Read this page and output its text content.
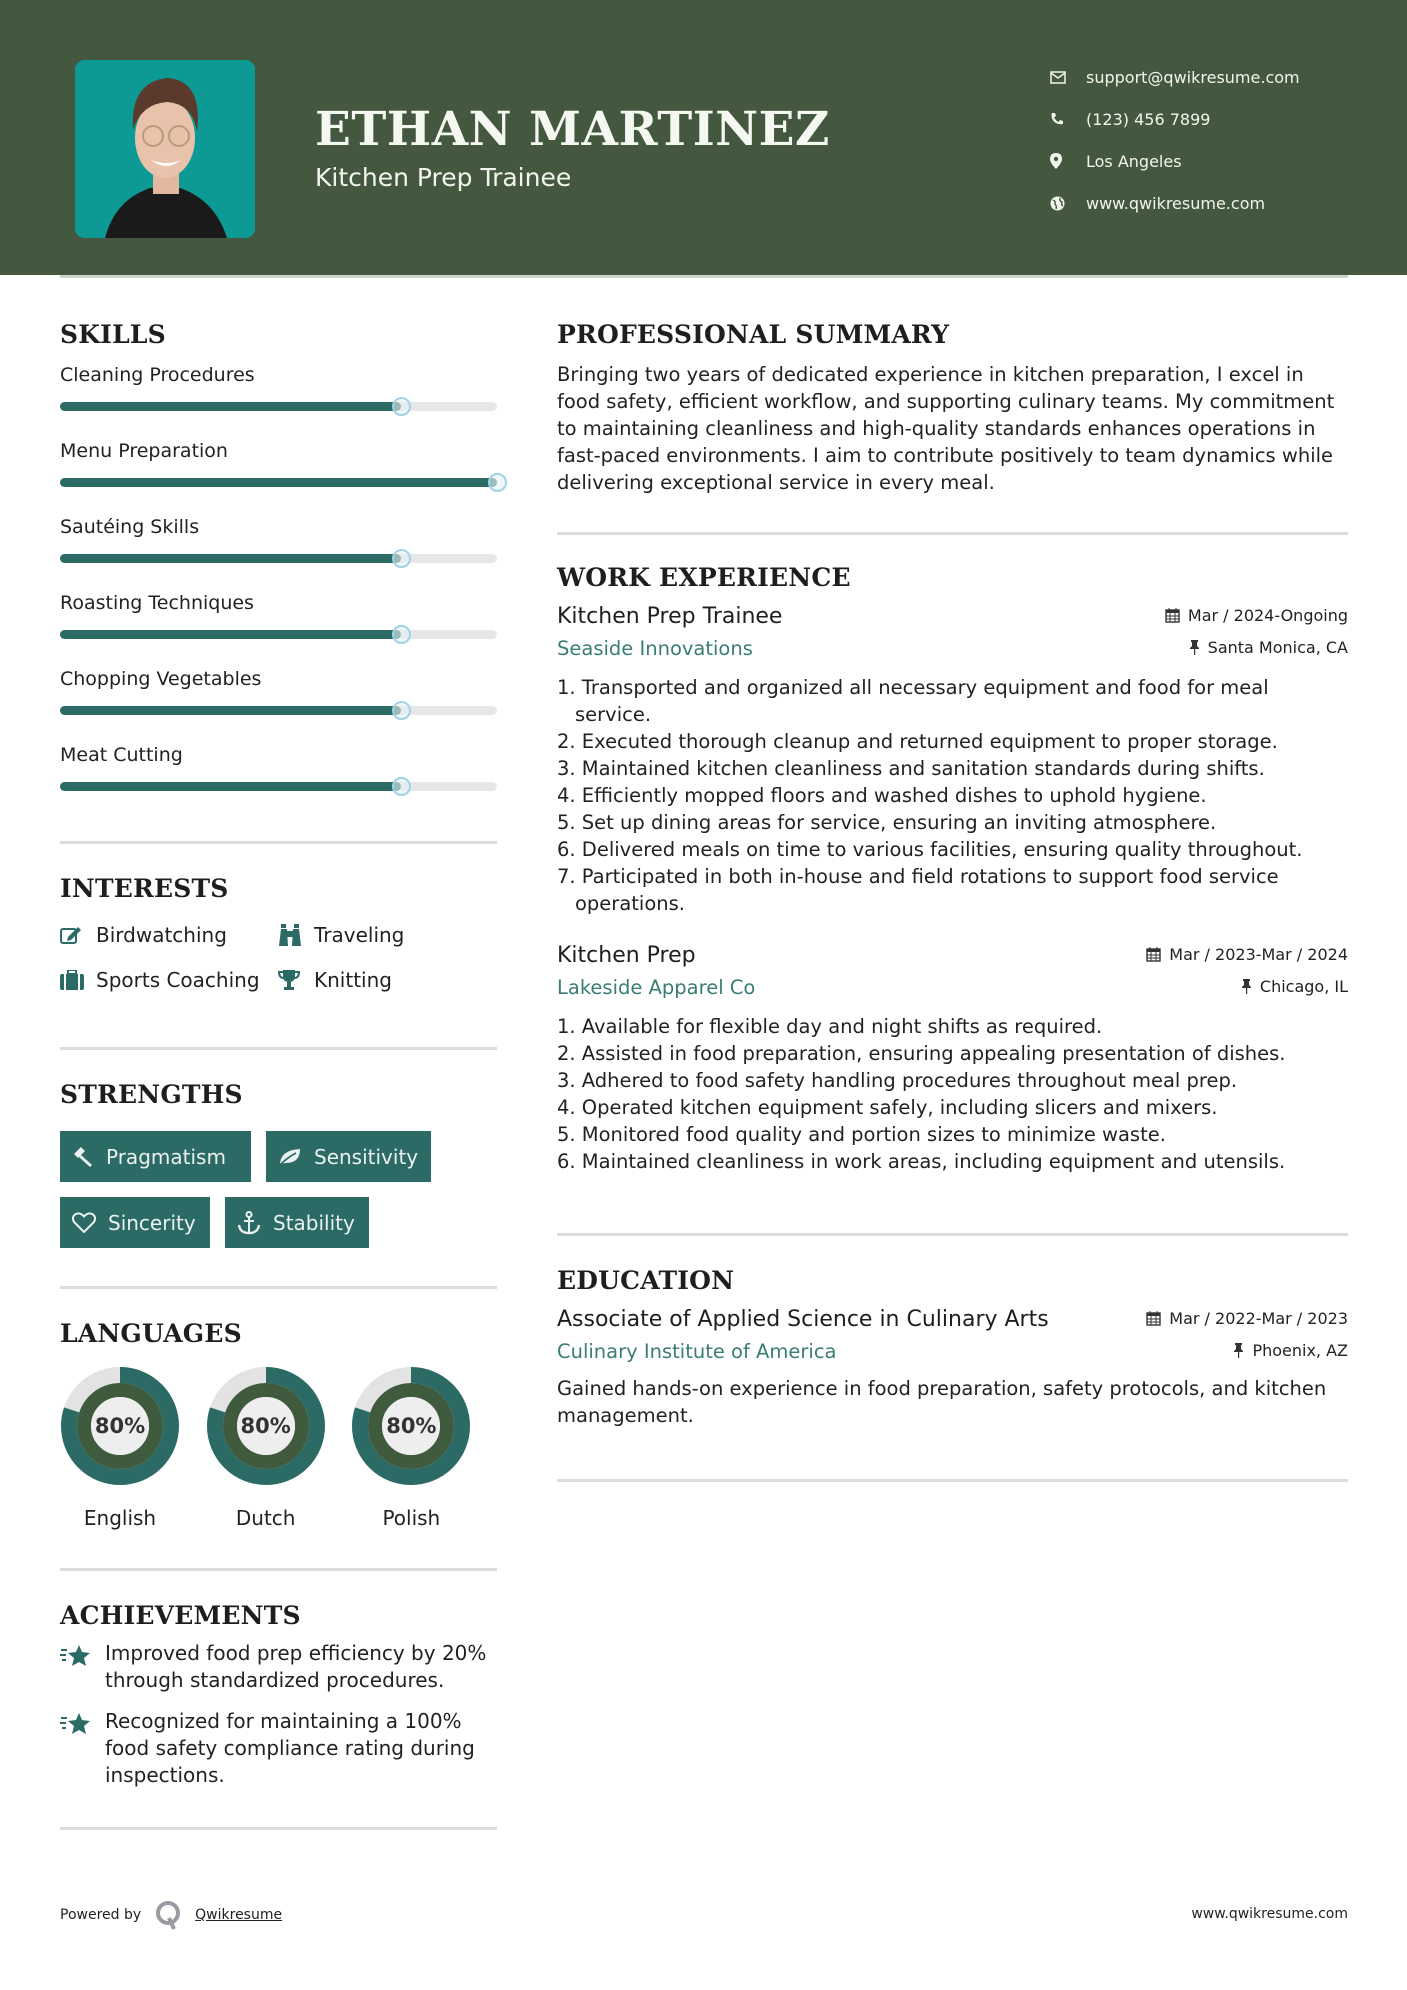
ETHAN MARTINEZ
Kitchen Prep Trainee
support@qwikresume.com
(123) 456 7899
Los Angeles
www.qwikresume.com
SKILLS
Cleaning Procedures
Menu Preparation
Sautéing Skills
Roasting Techniques
Chopping Vegetables
Meat Cutting
INTERESTS
Birdwatching	Traveling
Sports Coaching	Knitting
STRENGTHS
Pragmatism	Sensitivity
Sincerity	Stability
LANGUAGES
80%
English
80%
Dutch
80%
Polish
ACHIEVEMENTS
Improved food prep efficiency by 20% through standardized procedures.
Recognized for maintaining a 100% food safety compliance rating during inspections.
PROFESSIONAL SUMMARY
Bringing two years of dedicated experience in kitchen preparation, I excel in food safety, efficient workflow, and supporting culinary teams. My commitment to maintaining cleanliness and high-quality standards enhances operations in fast-paced environments. I aim to contribute positively to team dynamics while delivering exceptional service in every meal.
WORK EXPERIENCE
Kitchen Prep Trainee	Mar / 2024-Ongoing
Seaside Innovations	Santa Monica, CA
1. Transported and organized all necessary equipment and food for meal service.
2. Executed thorough cleanup and returned equipment to proper storage.
3. Maintained kitchen cleanliness and sanitation standards during shifts.
4. Efficiently mopped floors and washed dishes to uphold hygiene.
5. Set up dining areas for service, ensuring an inviting atmosphere.
6. Delivered meals on time to various facilities, ensuring quality throughout.
7. Participated in both in-house and field rotations to support food service operations.
Kitchen Prep	Mar / 2023-Mar / 2024
Lakeside Apparel Co	Chicago, IL
1. Available for flexible day and night shifts as required.
2. Assisted in food preparation, ensuring appealing presentation of dishes.
3. Adhered to food safety handling procedures throughout meal prep.
4. Operated kitchen equipment safely, including slicers and mixers.
5. Monitored food quality and portion sizes to minimize waste.
6. Maintained cleanliness in work areas, including equipment and utensils.
EDUCATION
Associate of Applied Science in Culinary Arts	Mar / 2022-Mar / 2023
Culinary Institute of America	Phoenix, AZ
Gained hands-on experience in food preparation, safety protocols, and kitchen management.
Powered by	Qwikresume	www.qwikresume.com
